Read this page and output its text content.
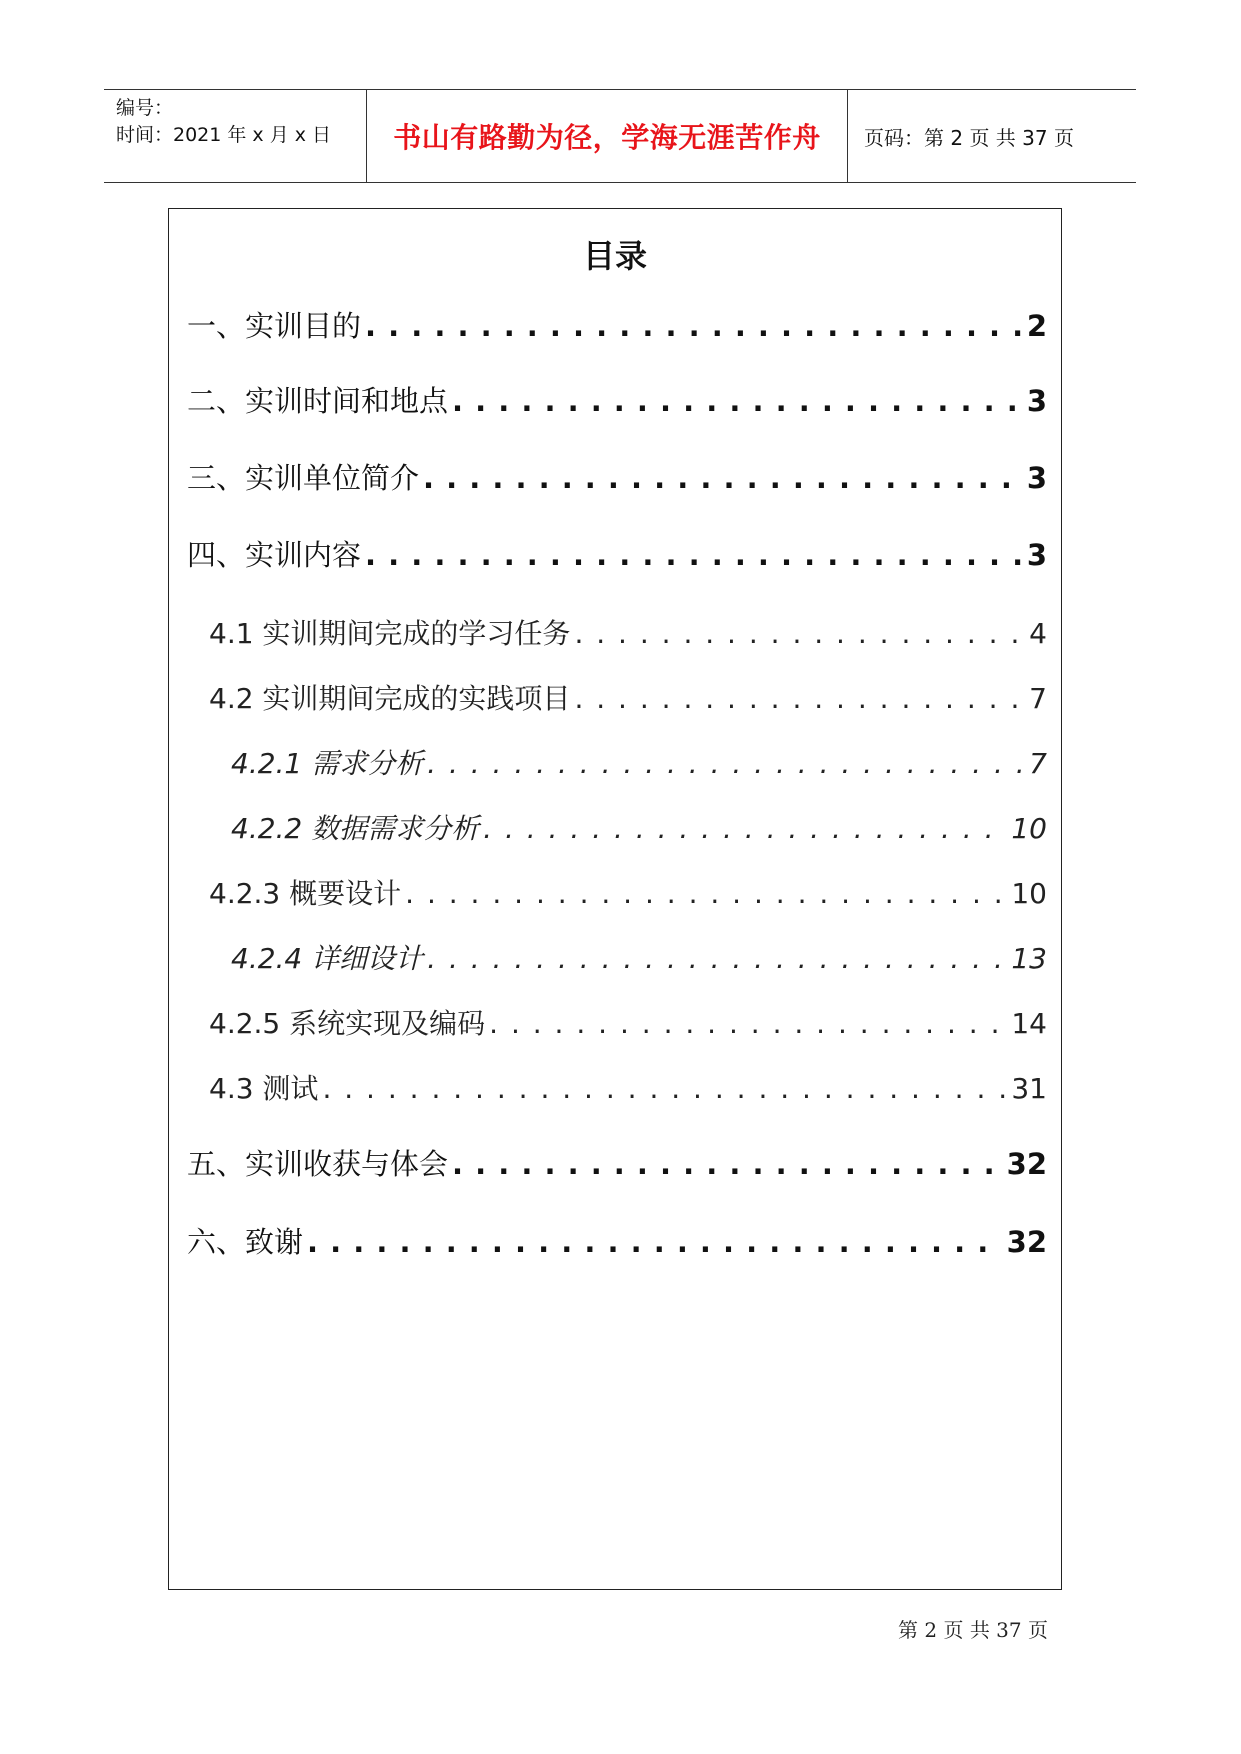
编号：
时间：2021 年 x 月 x 日 书山有路勤为径，学海无涯苦作舟 页码：第 2 页 共 37 页
目录
一、实训目的 . . .	2
二、实训时间和地点 . . .	3
三、实训单位简介 . . .	3
四、实训内容 . . .	3
4.1 实训期间完成的学习任务 . . .	4
4.2 实训期间完成的实践项目 . . .	7
4.2.1 需求分析 . . .	7
4.2.2 数据需求分析 . . .	10
4.2.3 概要设计 . . .	10
4.2.4 详细设计 . . .	13
4.2.5 系统实现及编码 . . .	14
4.3 测试 . . .	31
五、实训收获与体会 . . .	32
六、致谢 . . .	32
第 2 页 共 37 页
